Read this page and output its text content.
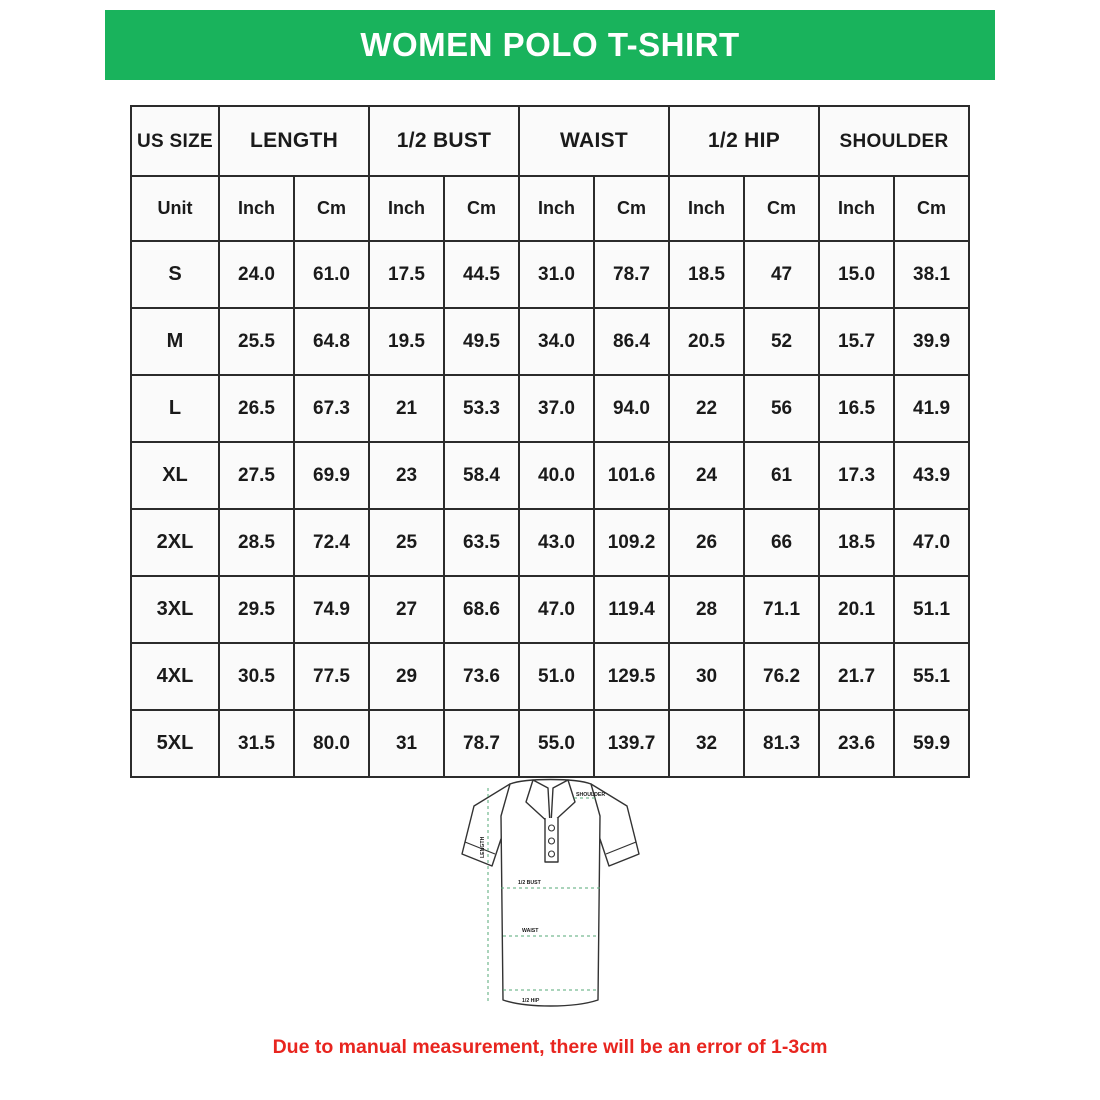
WOMEN POLO T-SHIRT
US SIZE	LENGTH		1/2 BUST		WAIST		1/2 HIP		SHOULDER	
Unit	Inch	Cm	Inch	Cm	Inch	Cm	Inch	Cm	Inch	Cm
S	24.0	61.0	17.5	44.5	31.0	78.7	18.5	47	15.0	38.1
M	25.5	64.8	19.5	49.5	34.0	86.4	20.5	52	15.7	39.9
L	26.5	67.3	21	53.3	37.0	94.0	22	56	16.5	41.9
XL	27.5	69.9	23	58.4	40.0	101.6	24	61	17.3	43.9
2XL	28.5	72.4	25	63.5	43.0	109.2	26	66	18.5	47.0
3XL	29.5	74.9	27	68.6	47.0	119.4	28	71.1	20.1	51.1
4XL	30.5	77.5	29	73.6	51.0	129.5	30	76.2	21.7	55.1
5XL	31.5	80.0	31	78.7	55.0	139.7	32	81.3	23.6	59.9
SHOULDER
1/2 BUST
WAIST
1/2 HIP
LENGTH
Due to manual measurement, there will be an error of 1-3cm
